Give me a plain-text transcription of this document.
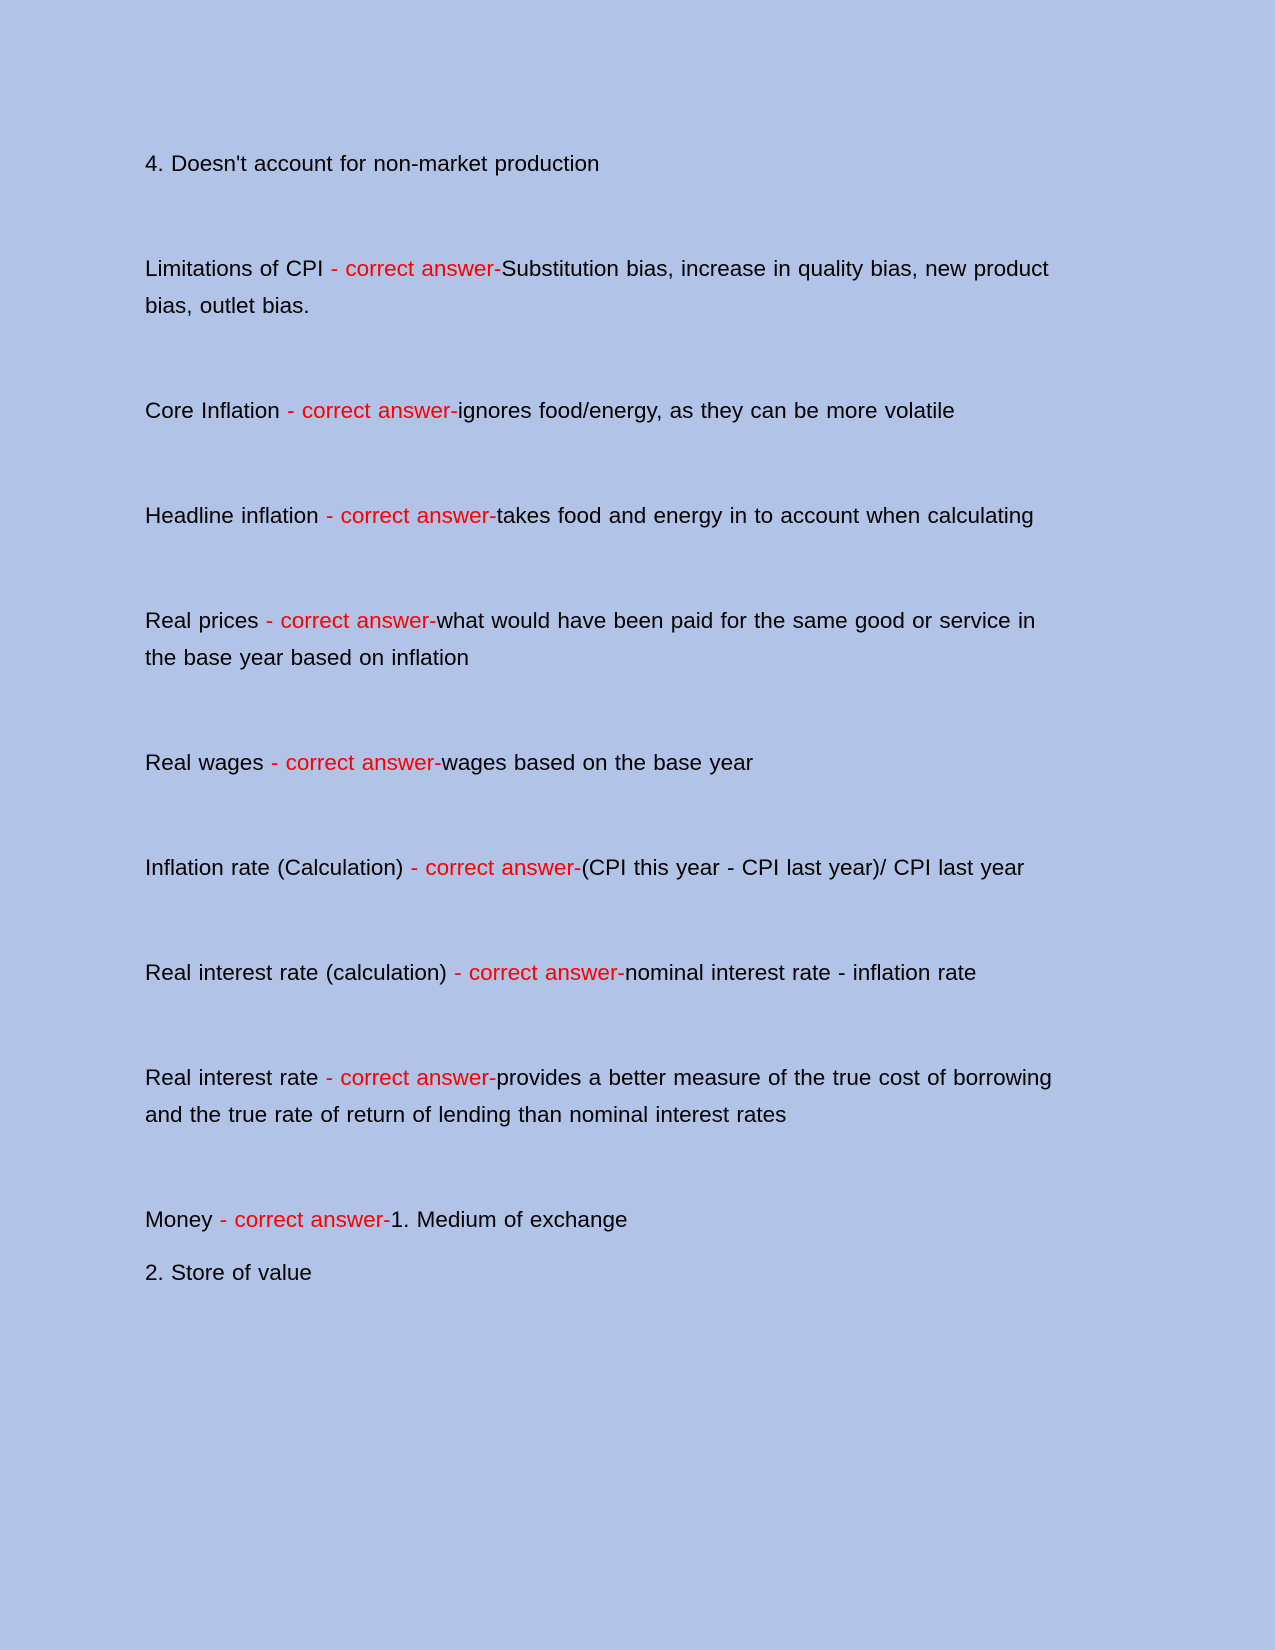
4. Doesn't account for non-market production

Limitations of CPI - correct answer-Substitution bias, increase in quality bias, new product bias, outlet bias.

Core Inflation - correct answer-ignores food/energy, as they can be more volatile

Headline inflation - correct answer-takes food and energy in to account when calculating

Real prices - correct answer-what would have been paid for the same good or service in the base year based on inflation

Real wages - correct answer-wages based on the base year

Inflation rate (Calculation) - correct answer-(CPI this year - CPI last year)/ CPI last year

Real interest rate (calculation) - correct answer-nominal interest rate - inflation rate

Real interest rate - correct answer-provides a better measure of the true cost of borrowing and the true rate of return of lending than nominal interest rates

Money - correct answer-1. Medium of exchange

2. Store of value
